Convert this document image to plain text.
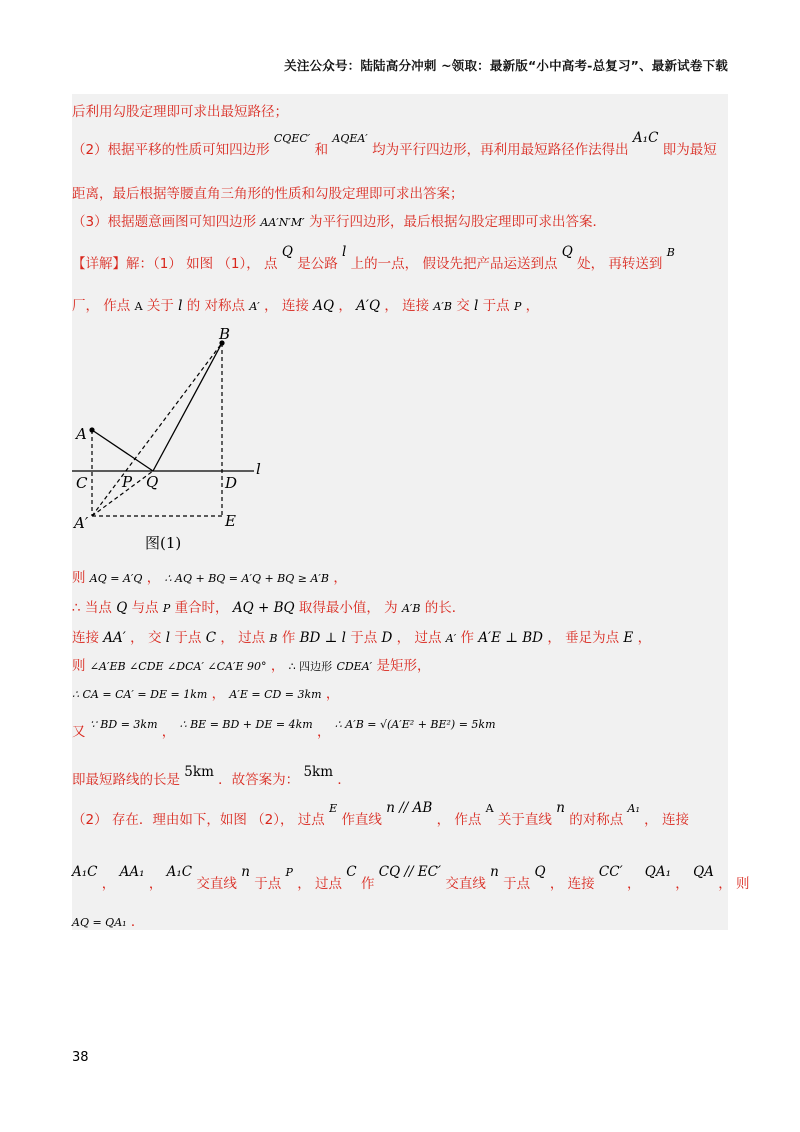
关注公众号：陆陆高分冲刺 ~领取：最新版“小中高考-总复习”、最新试卷下载
后利用勾股定理即可求出最短路径；
（2）根据平移的性质可知四边形 $^{CQEC'}$ 和 $^{AQEA'}$ 均为平行四边形，再利用最短路径作法得出 A₁C 即为最短
距离，最后根据等腰直角三角形的性质和勾股定理即可求出答案；
（3）根据题意画图可知四边形 AA′N′M′ 为平行四边形，最后根据勾股定理即可求出答案．
【详解】解：（1） 如图 （1）， 点 Q 是公路 l 上的一点， 假设先把产品运送到点 Q 处， 再转送到 $^B$
厂， 作点 A 关于 l 的 对称点 A′ ， 连接 AQ ， A′Q ， 连接 A′B 交 l 于点 P ，
B
A
C P Q	D
l
A′	E
图(1)
则 AQ = A′Q ， ∴ AQ + BQ = A′Q + BQ ≥ A′B ，
∴ 当点 Q 与点 P 重合时， AQ + BQ 取得最小值， 为 A′B 的长．
连接 AA′ ， 交 l 于点 C ， 过点 B 作 BD ⊥ l 于点 D ， 过点 A′ 作 A′E ⊥ BD ， 垂足为点 E ，
则 ∠A′EB ∠CDE ∠DCA′ ∠CA′E 90° ， ∴ 四边形 CDEA′ 是矩形，
∴ CA = CA′ = DE = 1km ， A′E = CD = 3km ，
又 $^{\because BD = 3km}$ ， $^{\therefore BE = BD + DE = 4km}$ ， $^{\therefore A'B = √(A'E^2 + BE^2) = 5km}$
即最短路线的长是 5km ．故答案为： 5km ．
（2） 存在．理由如下，如图 （2）， 过点 $^E$ 作直线 n // AB ， 作点 $^A$ 关于直线 n 的对称点 $^{A_1}$ ， 连接
A₁C ， AA₁ ， A₁C 交直线 n 于点 $^P$ ， 过点 C 作 CQ // EC′ 交直线 n 于点 Q ， 连接 CC′ ， QA₁ ， QA ， 则
AQ = QA₁ ．
38
